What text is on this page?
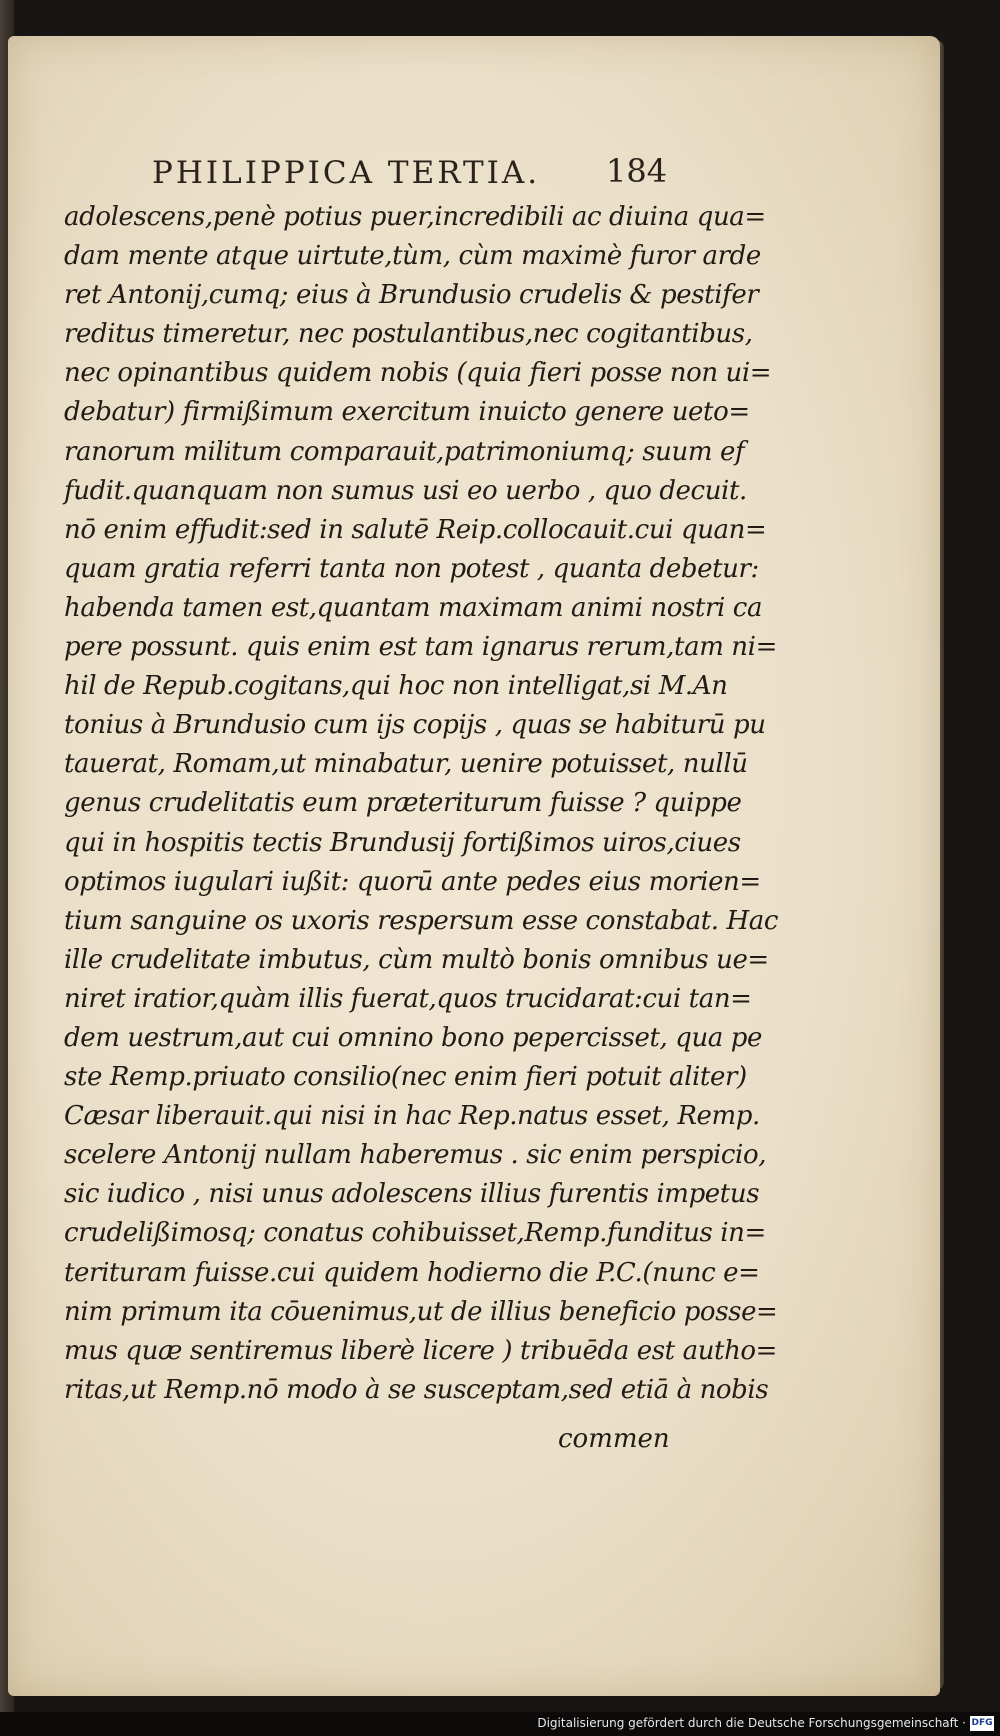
PHILIPPICA TERTIA.	184
adolescens,penè potius puer,incredibili ac diuina qua=
dam mente atque uirtute,tùm, cùm maximè furor arde
ret Antonij,cumq; eius à Brundusio crudelis & pestifer
reditus timeretur, nec postulantibus,nec cogitantibus,
nec opinantibus quidem nobis (quia fieri posse non ui=
debatur) firmißimum exercitum inuicto genere ueto=
ranorum militum comparauit,patrimoniumq; suum ef
fudit.quanquam non sumus usi eo uerbo , quo decuit.
nō enim effudit:sed in salutē Reip.collocauit.cui quan=
quam gratia referri tanta non potest , quanta debetur:
habenda tamen est,quantam maximam animi nostri ca
pere possunt. quis enim est tam ignarus rerum,tam ni=
hil de Repub.cogitans,qui hoc non intelligat,si M.An
tonius à Brundusio cum ijs copijs , quas se habiturū pu
tauerat, Romam,ut minabatur, uenire potuisset, nullū
genus crudelitatis eum præteriturum fuisse ? quippe
qui in hospitis tectis Brundusij fortißimos uiros,ciues
optimos iugulari iußit: quorū ante pedes eius morien=
tium sanguine os uxoris respersum esse constabat. Hac
ille crudelitate imbutus, cùm multò bonis omnibus ue=
niret iratior,quàm illis fuerat,quos trucidarat:cui tan=
dem uestrum,aut cui omnino bono pepercisset, qua pe
ste Remp.priuato consilio(nec enim fieri potuit aliter)
Cæsar liberauit.qui nisi in hac Rep.natus esset, Remp.
scelere Antonij nullam haberemus . sic enim perspicio,
sic iudico , nisi unus adolescens illius furentis impetus
crudelißimosq; conatus cohibuisset,Remp.funditus in=
terituram fuisse.cui quidem hodierno die P.C.(nunc e=
nim primum ita cōuenimus,ut de illius beneficio posse=
mus quæ sentiremus liberè licere ) tribuēda est autho=
ritas,ut Remp.nō modo à se susceptam,sed etiā à nobis
commen
Digitalisierung gefördert durch die Deutsche Forschungsgemeinschaft · DFG
